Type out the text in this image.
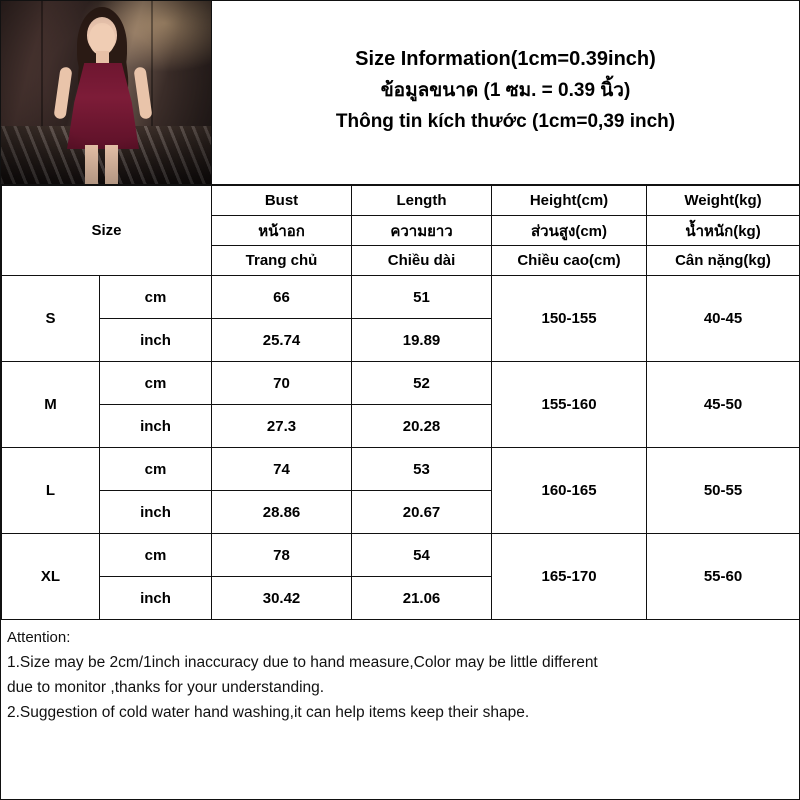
Size Information(1cm=0.39inch)
ข้อมูลขนาด (1 ซม. = 0.39 นิ้ว)
Thông tin kích thước (1cm=0,39 inch)
Size		Bust	Length	Height(cm)	Weight(kg)
		หน้าอก	ความยาว	ส่วนสูง(cm)	น้ำหนัก(kg)
		Trang chủ	Chiều dài	Chiều cao(cm)	Cân nặng(kg)
S	cm	66	51	150-155	40-45
	inch	25.74	19.89		
M	cm	70	52	155-160	45-50
	inch	27.3	20.28		
L	cm	74	53	160-165	50-55
	inch	28.86	20.67		
XL	cm	78	54	165-170	55-60
	inch	30.42	21.06		
Attention:
1.Size may be 2cm/1inch inaccuracy due to hand measure,Color may be little different
due to monitor ,thanks for your understanding.
2.Suggestion of cold water hand washing,it can help items keep their shape.
